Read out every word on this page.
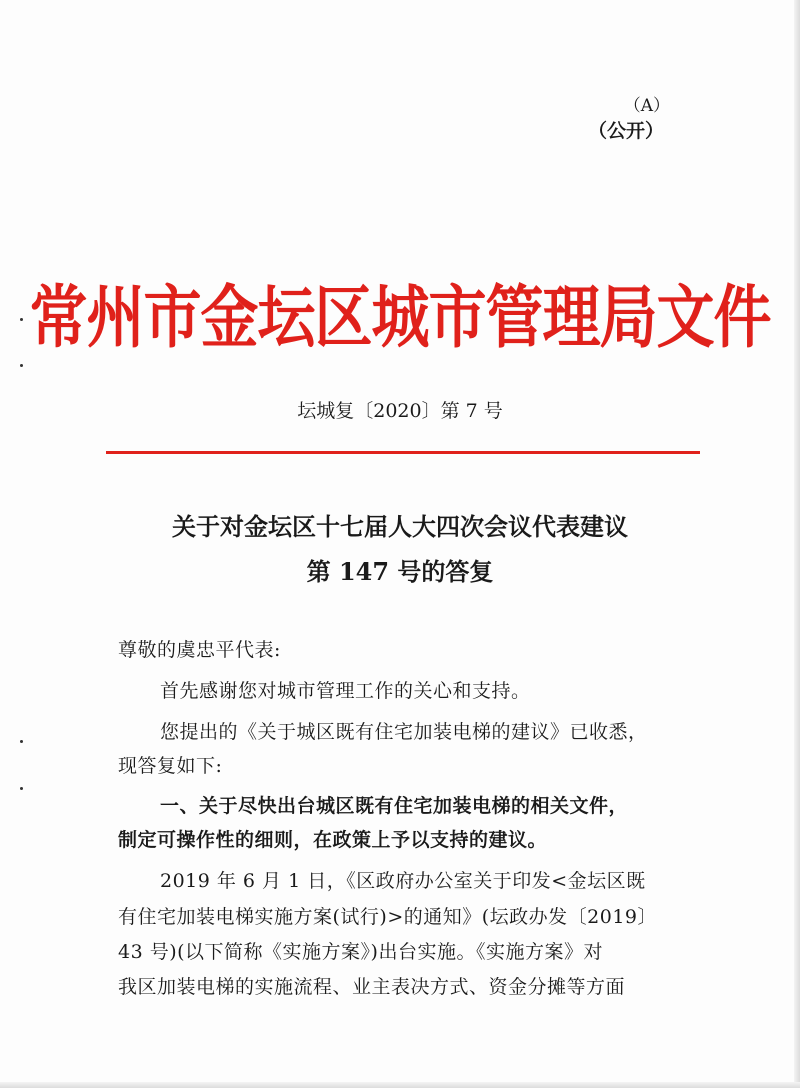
（A）
（公开）
常州市金坛区城市管理局文件
坛城复〔2020〕第 7 号
关于对金坛区十七届人大四次会议代表建议
第 147 号的答复
尊敬的虞忠平代表:
首先感谢您对城市管理工作的关心和支持。
您提出的《关于城区既有住宅加装电梯的建议》已收悉，
现答复如下:
一、关于尽快出台城区既有住宅加装电梯的相关文件，
制定可操作性的细则，在政策上予以支持的建议。
2019 年 6 月 1 日，《区政府办公室关于印发<金坛区既
有住宅加装电梯实施方案(试行)>的通知》(坛政办发〔2019〕
43 号)(以下简称《实施方案》)出台实施。《实施方案》对
我区加装电梯的实施流程、业主表决方式、资金分摊等方面
